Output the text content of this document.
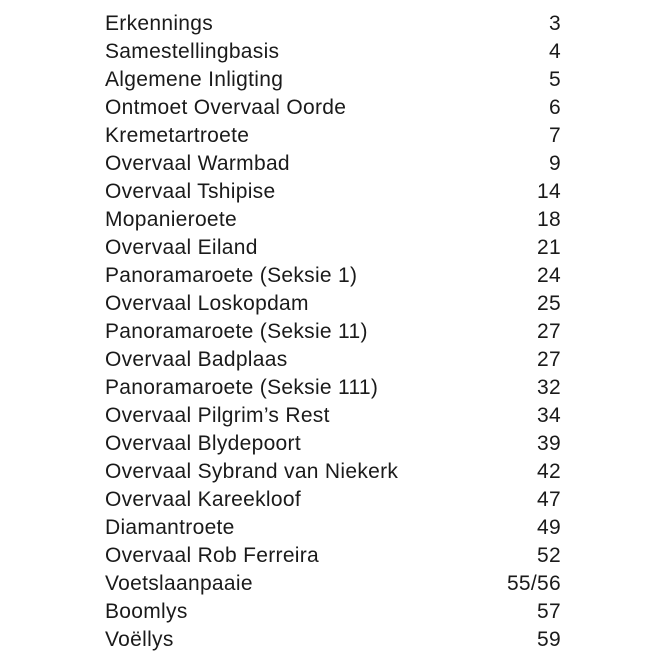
Erkennings	3
Samestellingbasis	4
Algemene Inligting	5
Ontmoet Overvaal Oorde	6
Kremetartroete	7
Overvaal Warmbad	9
Overvaal Tshipise	14
Mopanieroete	18
Overvaal Eiland	21
Panoramaroete (Seksie 1)	24
Overvaal Loskopdam	25
Panoramaroete (Seksie 11)	27
Overvaal Badplaas	27
Panoramaroete (Seksie 111)	32
Overvaal Pilgrim’s Rest	34
Overvaal Blydepoort	39
Overvaal Sybrand van Niekerk	42
Overvaal Kareekloof	47
Diamantroete	49
Overvaal Rob Ferreira	52
Voetslaanpaaie	55/56
Boomlys	57
Voëllys	59
